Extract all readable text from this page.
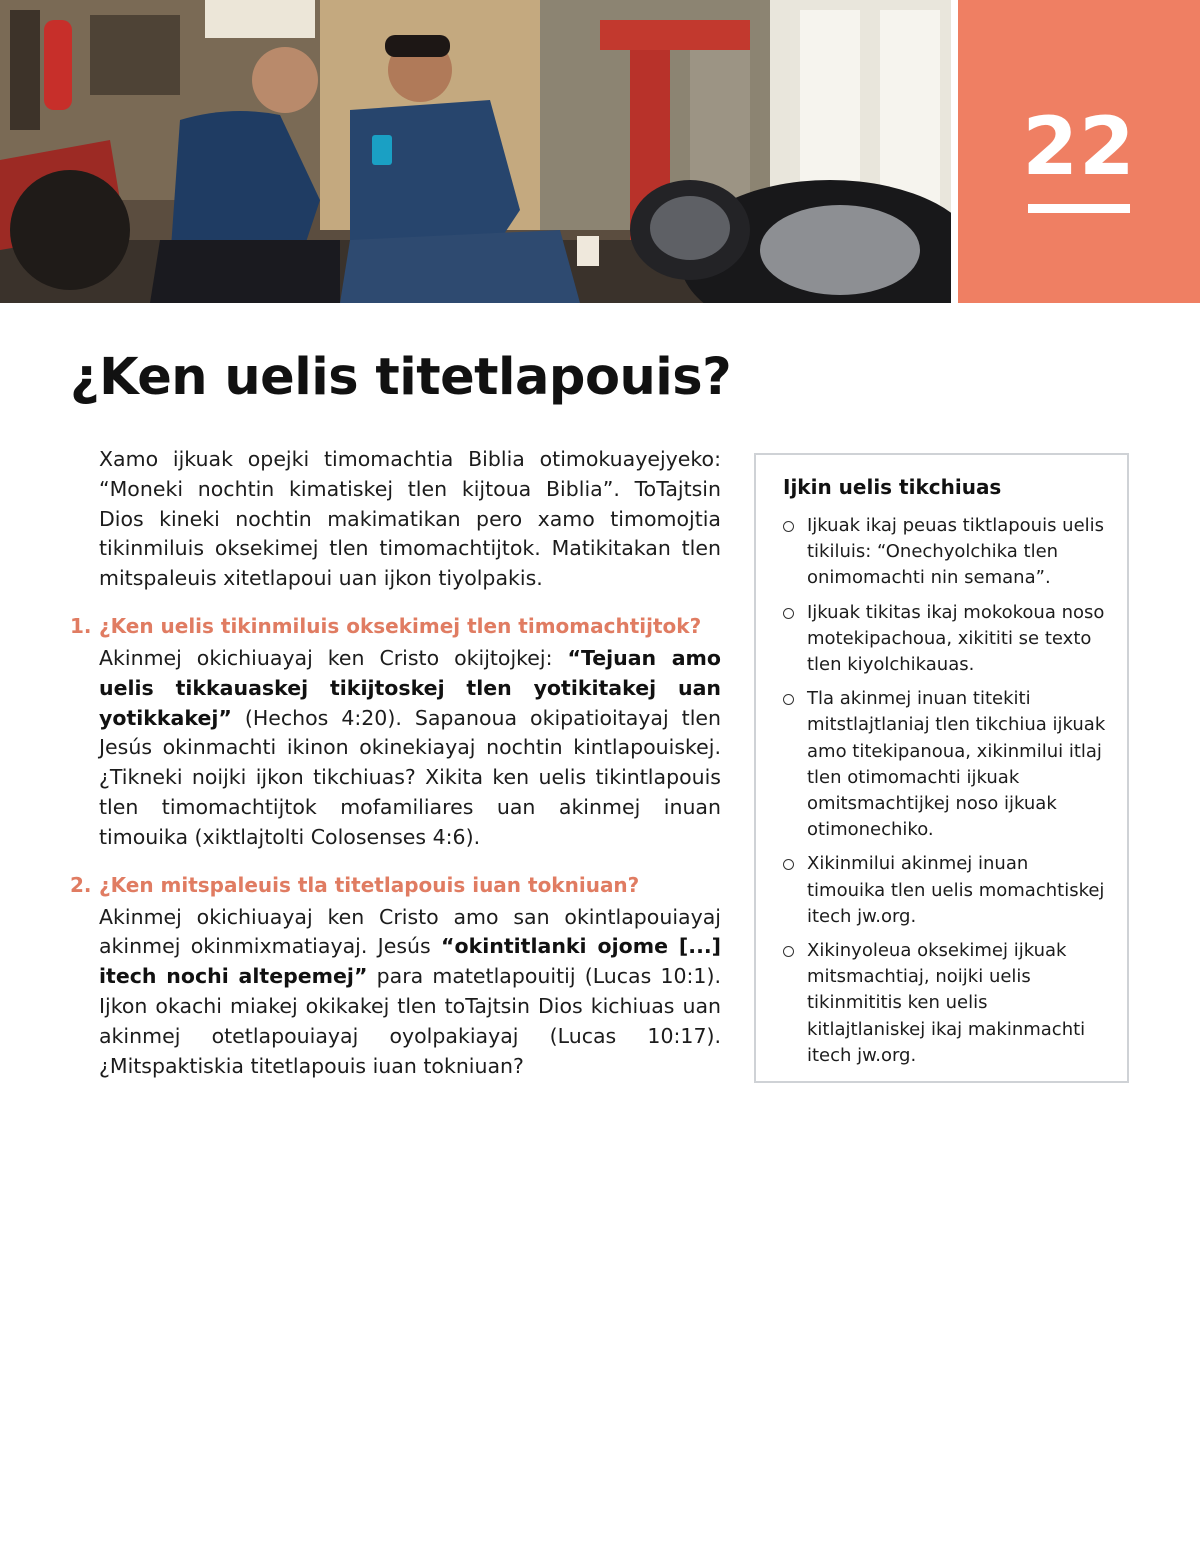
22
¿Ken uelis titetlapouis?

Xamo ijkuak opejki timomachtia Biblia otimokuayejyeko: “Moneki nochtin kimatiskej tlen kijtoua Biblia”. ToTajtsin Dios kineki nochtin makimatikan pero xamo timomojtia tikinmiluis oksekimej tlen timomachtijtok. Matikitakan tlen mitspaleuis xitetlapoui uan ijkon tiyolpakis.

1. ¿Ken uelis tikinmiluis oksekimej tlen timomachtijtok?

Akinmej okichiuayaj ken Cristo okijtojkej: “Tejuan amo uelis tikkauaskej tikijtoskej tlen yotikitakej uan yotikkakej” (Hechos 4:20). Sapanoua okipatioitayaj tlen Jesús okinmachti ikinon okinekiayaj nochtin kintlapouiskej. ¿Tikneki noijki ijkon tikchiuas? Xikita ken uelis tikintlapouis tlen timomachtijtok mofamiliares uan akinmej inuan timouika (xiktlajtolti Colosenses 4:6).

2. ¿Ken mitspaleuis tla titetlapouis iuan tokniuan?

Akinmej okichiuayaj ken Cristo amo san okintlapouiayaj akinmej okinmixmatiayaj. Jesús “okintitlanki ojome [...] itech nochi altepemej” para matetlapouitij (Lucas 10:1). Ijkon okachi miakej okikakej tlen toTajtsin Dios kichiuas uan akinmej otetlapouiayaj oyolpakiayaj (Lucas 10:17). ¿Mitspaktiskia titetlapouis iuan tokniuan?

Ijkin uelis tikchiuas
Ijkuak ikaj peuas tiktlapouis uelis tikiluis: “Onechyolchika tlen onimomachti nin semana”.
Ijkuak tikitas ikaj mokokoua noso motekipachoua, xikititi se texto tlen kiyolchikauas.
Tla akinmej inuan titekiti mitstlajtlaniaj tlen tikchiua ijkuak amo titekipanoua, xikinmilui itlaj tlen otimomachti ijkuak omitsmachtijkej noso ijkuak otimonechiko.
Xikinmilui akinmej inuan timouika tlen uelis momachtiskej itech jw.org.
Xikinyoleua oksekimej ijkuak mitsmachtiaj, noijki uelis tikinmititis ken uelis kitlajtlaniskej ikaj makinmachti itech jw.org.
